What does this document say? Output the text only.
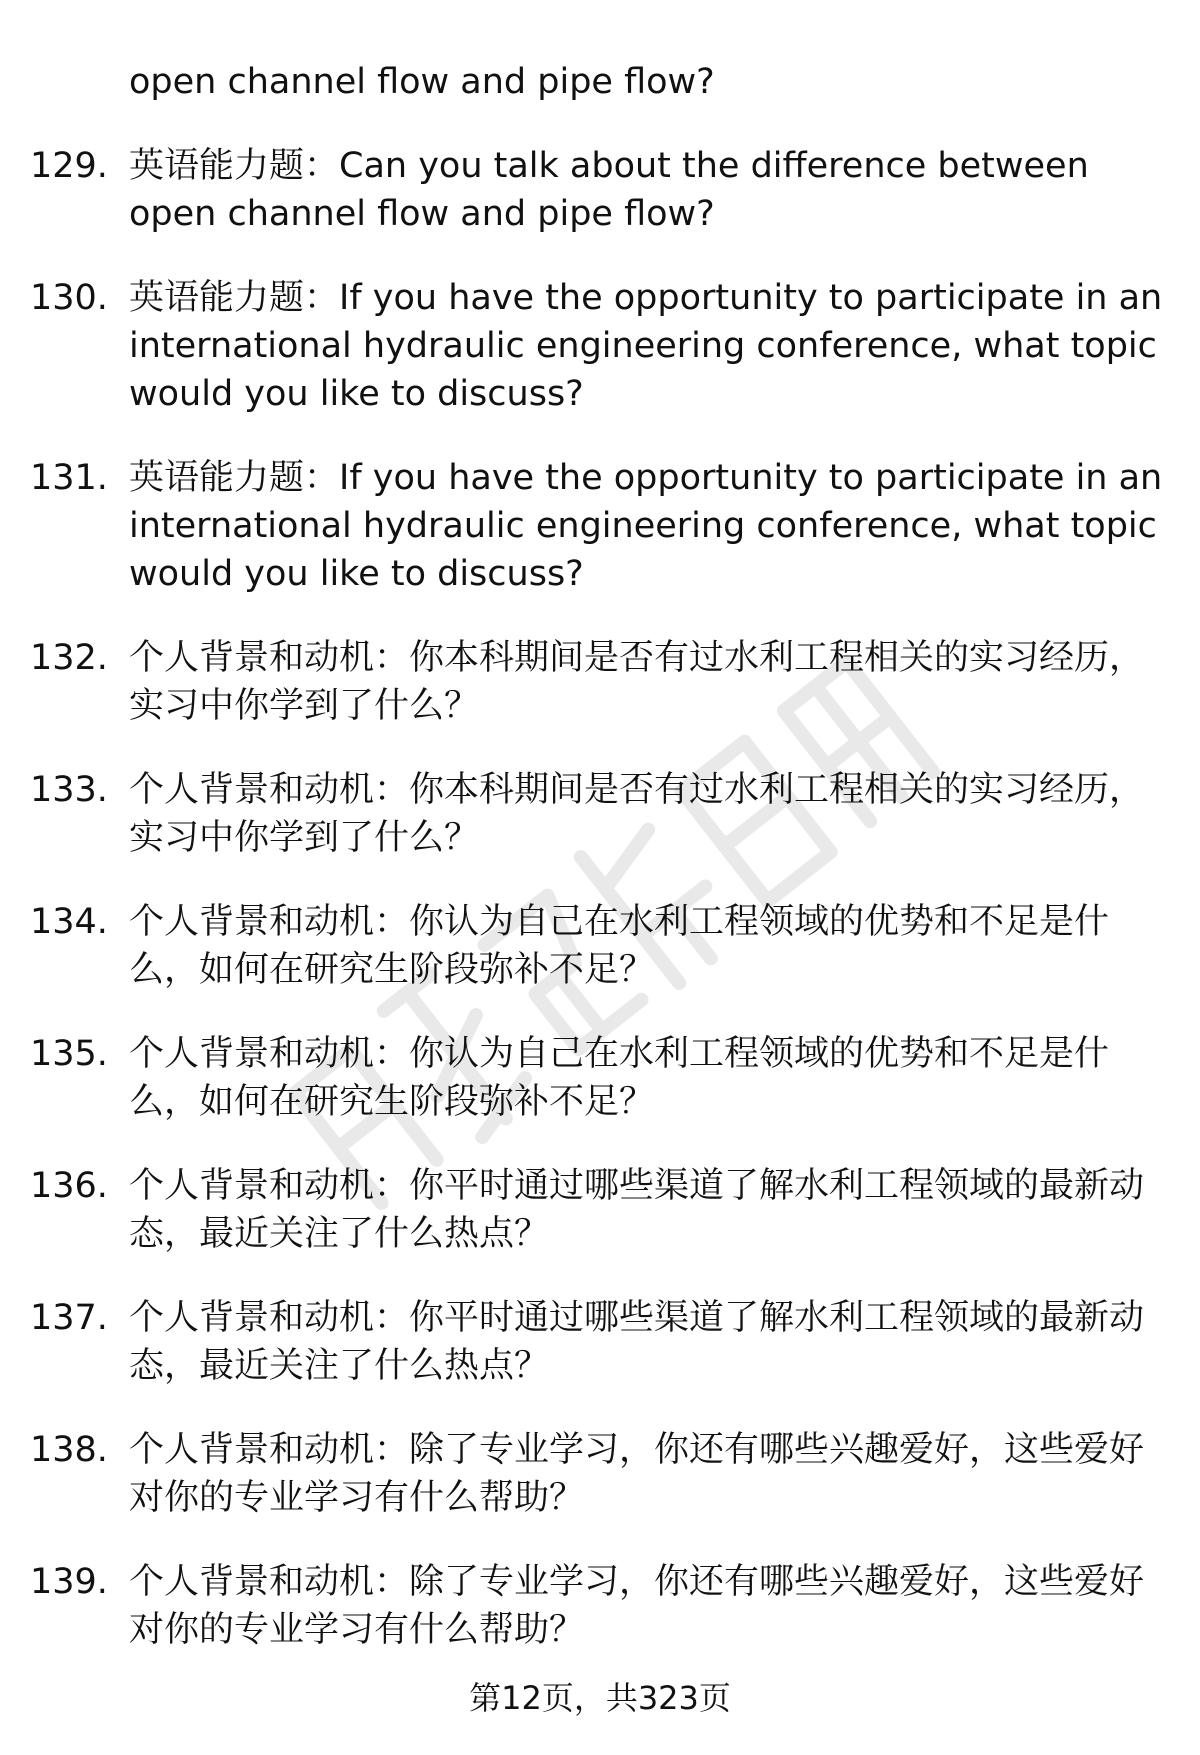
open channel flow and pipe flow?
129. 英语能力题：Can you talk about the difference between open channel flow and pipe flow?
130. 英语能力题：If you have the opportunity to participate in an international hydraulic engineering conference, what topic would you like to discuss?
131. 英语能力题：If you have the opportunity to participate in an international hydraulic engineering conference, what topic would you like to discuss?
132. 个人背景和动机：你本科期间是否有过水利工程相关的实习经历，实习中你学到了什么？
133. 个人背景和动机：你本科期间是否有过水利工程相关的实习经历，实习中你学到了什么？
134. 个人背景和动机：你认为自己在水利工程领域的优势和不足是什么，如何在研究生阶段弥补不足？
135. 个人背景和动机：你认为自己在水利工程领域的优势和不足是什么，如何在研究生阶段弥补不足？
136. 个人背景和动机：你平时通过哪些渠道了解水利工程领域的最新动态，最近关注了什么热点？
137. 个人背景和动机：你平时通过哪些渠道了解水利工程领域的最新动态，最近关注了什么热点？
138. 个人背景和动机：除了专业学习，你还有哪些兴趣爱好，这些爱好对你的专业学习有什么帮助？
139. 个人背景和动机：除了专业学习，你还有哪些兴趣爱好，这些爱好对你的专业学习有什么帮助？
第12页，共323页
